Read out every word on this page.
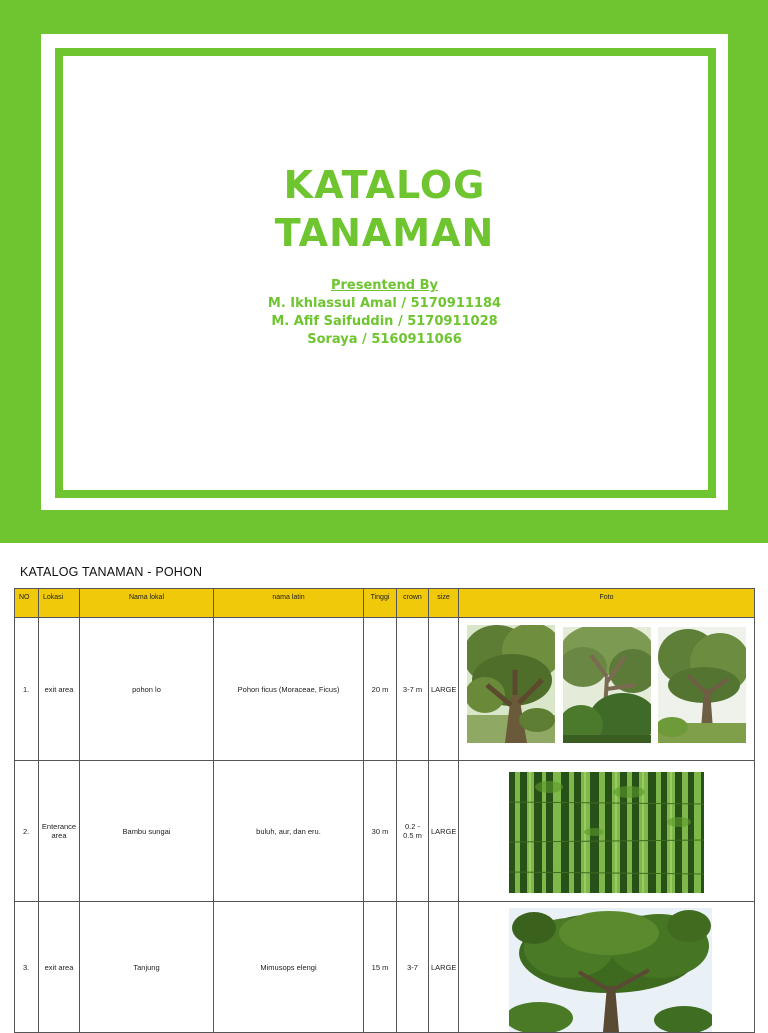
KATALOG
TANAMAN
Presentend By
M. Ikhlassul Amal / 5170911184
M. Afif Saifuddin / 5170911028
Soraya / 5160911066
KATALOG TANAMAN - POHON
NO	Lokasi	Nama lokal	nama latin	Tinggi	crown	size	Foto
1.	exit area	pohon lo	Pohon ficus (Moraceae, Ficus)	20 m	3-7 m	LARGE	

2.	Enterance area	Bambu sungai	buluh, aur, dan eru.	30 m	0.2 - 0.5 m	LARGE	

3.	exit area	Tanjung	Mimusops elengi	15 m	3-7	LARGE	
